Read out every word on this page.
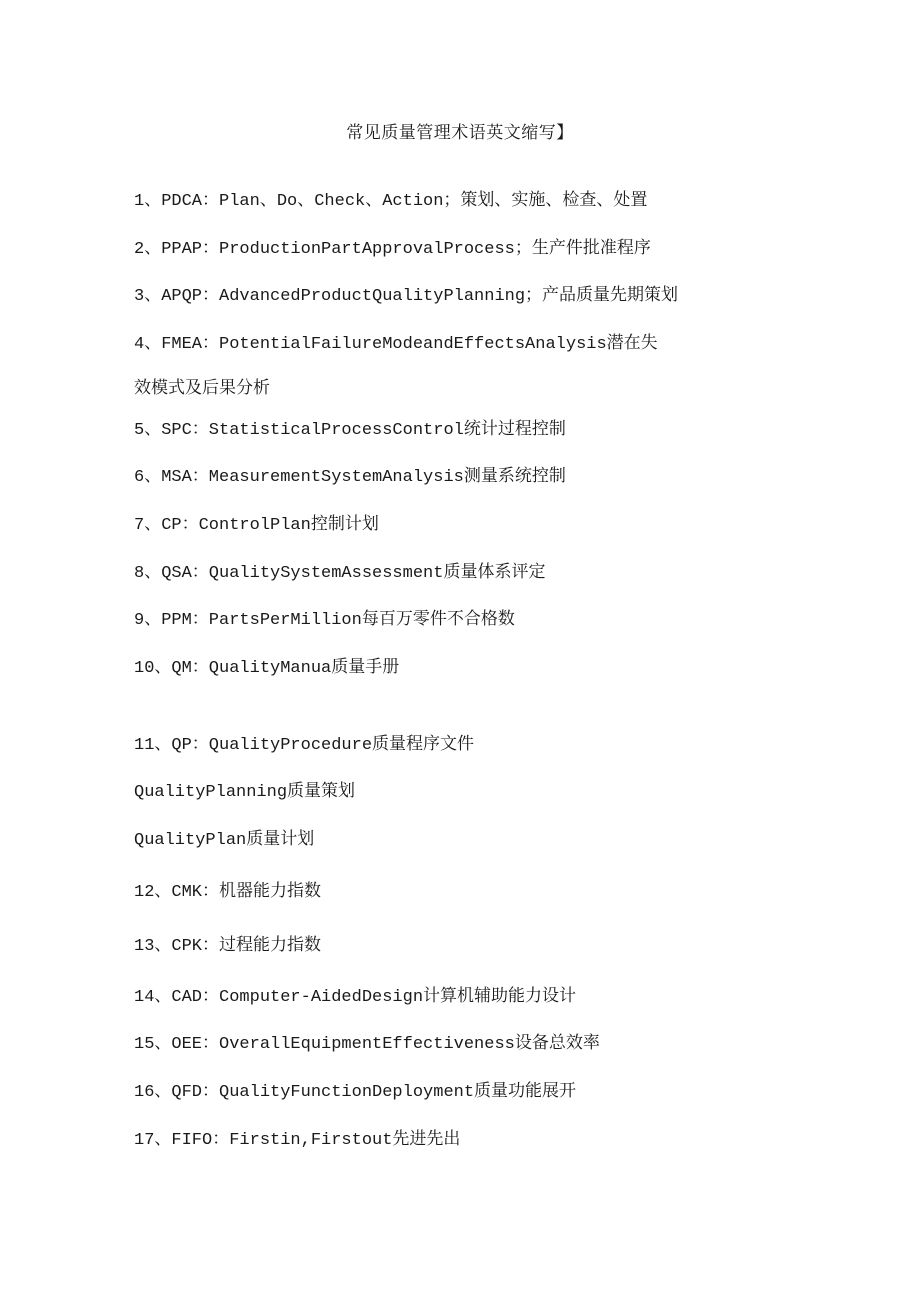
常见质量管理术语英文缩写】
1、PDCA：Plan、Do、Check、Action；策划、实施、检查、处置
2、PPAP：ProductionPartApprovalProcess；生产件批准程序
3、APQP：AdvancedProductQualityPlanning；产品质量先期策划
4、FMEA：PotentialFailureModeandEffectsAnalysis潜在失
效模式及后果分析
5、SPC：StatisticalProcessControl统计过程控制
6、MSA：MeasurementSystemAnalysis测量系统控制
7、CP：ControlPlan控制计划
8、QSA：QualitySystemAssessment质量体系评定
9、PPM：PartsPerMillion每百万零件不合格数
10、QM：QualityManua质量手册
11、QP：QualityProcedure质量程序文件
QualityPlanning质量策划
QualityPlan质量计划
12、CMK：机器能力指数
13、CPK：过程能力指数
14、CAD：Computer-AidedDesign计算机辅助能力设计
15、OEE：OverallEquipmentEffectiveness设备总效率
16、QFD：QualityFunctionDeployment质量功能展开
17、FIFO：Firstin,Firstout先进先出
